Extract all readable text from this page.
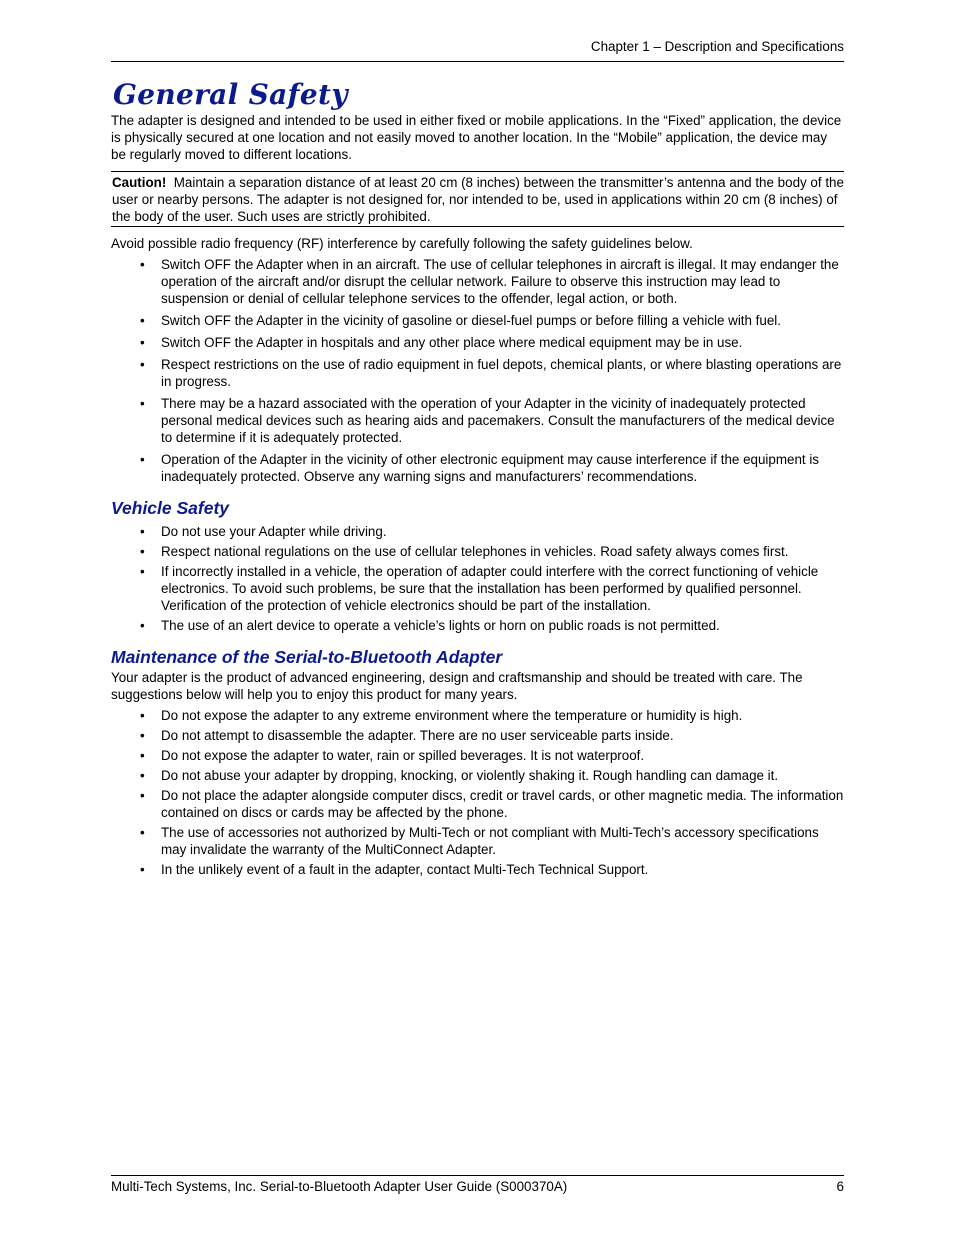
Chapter 1 – Description and Specifications
General Safety

The adapter is designed and intended to be used in either fixed or mobile applications. In the “Fixed” application, the device is physically secured at one location and not easily moved to another location. In the “Mobile” application, the device may be regularly moved to different locations.

Caution! Maintain a separation distance of at least 20 cm (8 inches) between the transmitter’s antenna and the body of the user or nearby persons. The adapter is not designed for, nor intended to be, used in applications within 20 cm (8 inches) of the body of the user. Such uses are strictly prohibited.

Avoid possible radio frequency (RF) interference by carefully following the safety guidelines below.

• Switch OFF the Adapter when in an aircraft. The use of cellular telephones in aircraft is illegal. It may endanger the operation of the aircraft and/or disrupt the cellular network. Failure to observe this instruction may lead to suspension or denial of cellular telephone services to the offender, legal action, or both.
• Switch OFF the Adapter in the vicinity of gasoline or diesel-fuel pumps or before filling a vehicle with fuel.
• Switch OFF the Adapter in hospitals and any other place where medical equipment may be in use.
• Respect restrictions on the use of radio equipment in fuel depots, chemical plants, or where blasting operations are in progress.
• There may be a hazard associated with the operation of your Adapter in the vicinity of inadequately protected personal medical devices such as hearing aids and pacemakers. Consult the manufacturers of the medical device to determine if it is adequately protected.
• Operation of the Adapter in the vicinity of other electronic equipment may cause interference if the equipment is inadequately protected. Observe any warning signs and manufacturers’ recommendations.
Vehicle Safety
• Do not use your Adapter while driving.
• Respect national regulations on the use of cellular telephones in vehicles. Road safety always comes first.
• If incorrectly installed in a vehicle, the operation of adapter could interfere with the correct functioning of vehicle electronics. To avoid such problems, be sure that the installation has been performed by qualified personnel. Verification of the protection of vehicle electronics should be part of the installation.
• The use of an alert device to operate a vehicle’s lights or horn on public roads is not permitted.
Maintenance of the Serial-to-Bluetooth Adapter

Your adapter is the product of advanced engineering, design and craftsmanship and should be treated with care. The suggestions below will help you to enjoy this product for many years.

• Do not expose the adapter to any extreme environment where the temperature or humidity is high.
• Do not attempt to disassemble the adapter. There are no user serviceable parts inside.
• Do not expose the adapter to water, rain or spilled beverages. It is not waterproof.
• Do not abuse your adapter by dropping, knocking, or violently shaking it. Rough handling can damage it.
• Do not place the adapter alongside computer discs, credit or travel cards, or other magnetic media. The information contained on discs or cards may be affected by the phone.
• The use of accessories not authorized by Multi-Tech or not compliant with Multi-Tech’s accessory specifications may invalidate the warranty of the MultiConnect Adapter.
• In the unlikely event of a fault in the adapter, contact Multi-Tech Technical Support.
Multi-Tech Systems, Inc. Serial-to-Bluetooth Adapter User Guide (S000370A)	6
